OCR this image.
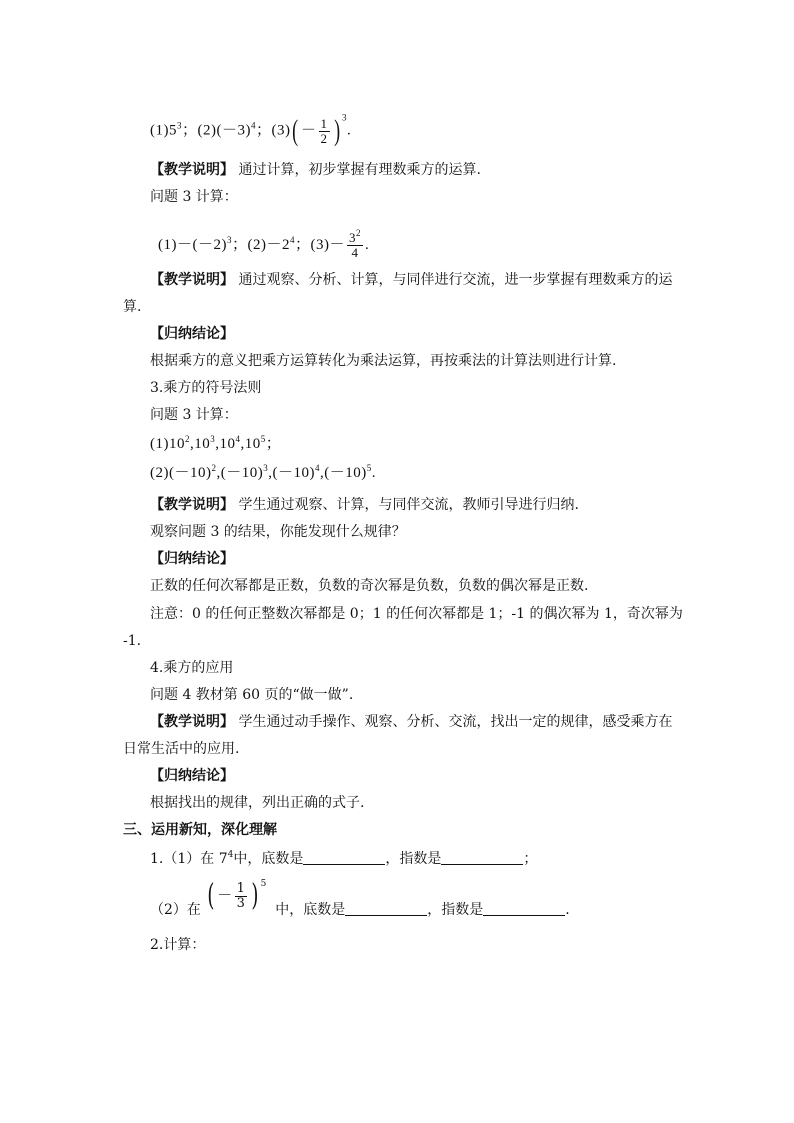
$(1)5^3$；$(2)(-3)^4$；$(3)( - \frac{1}{2}$ ) $^3$.
【教学说明】 通过计算，初步掌握有理数乘方的运算.
问题 3 计算：
$(1)-(-2)^3$；$(2)-2^4$；$(3)- \frac{3^2}{4}$ .
【教学说明】 通过观察、分析、计算，与同伴进行交流，进一步掌握有理数乘方的运
算.
【归纳结论】
根据乘方的意义把乘方运算转化为乘法运算，再按乘法的计算法则进行计算.
3.乘方的符号法则
问题 3 计算：
$(1)10^2,10^3,10^4,10^5$；
$(2)(-10)^2,(-10)^3,(-10)^4,(-10)^5$.
【教学说明】 学生通过观察、计算，与同伴交流，教师引导进行归纳.
观察问题 3 的结果，你能发现什么规律？
【归纳结论】
正数的任何次幂都是正数，负数的奇次幂是负数，负数的偶次幂是正数.
注意：0 的任何正整数次幂都是 0；1 的任何次幂都是 1；-1 的偶次幂为 1，奇次幂为
-1.
4.乘方的应用
问题 4 教材第 60 页的“做一做”.
【教学说明】 学生通过动手操作、观察、分析、交流，找出一定的规律，感受乘方在
日常生活中的应用.
【归纳结论】
根据找出的规律，列出正确的式子.
三、运用新知，深化理解
1.（1）在 $7^4$中，底数是	，指数是	；
（2）在 ( － $\frac{1}{3}$ ) $^5$  中，底数是	，指数是	.
2.计算：
